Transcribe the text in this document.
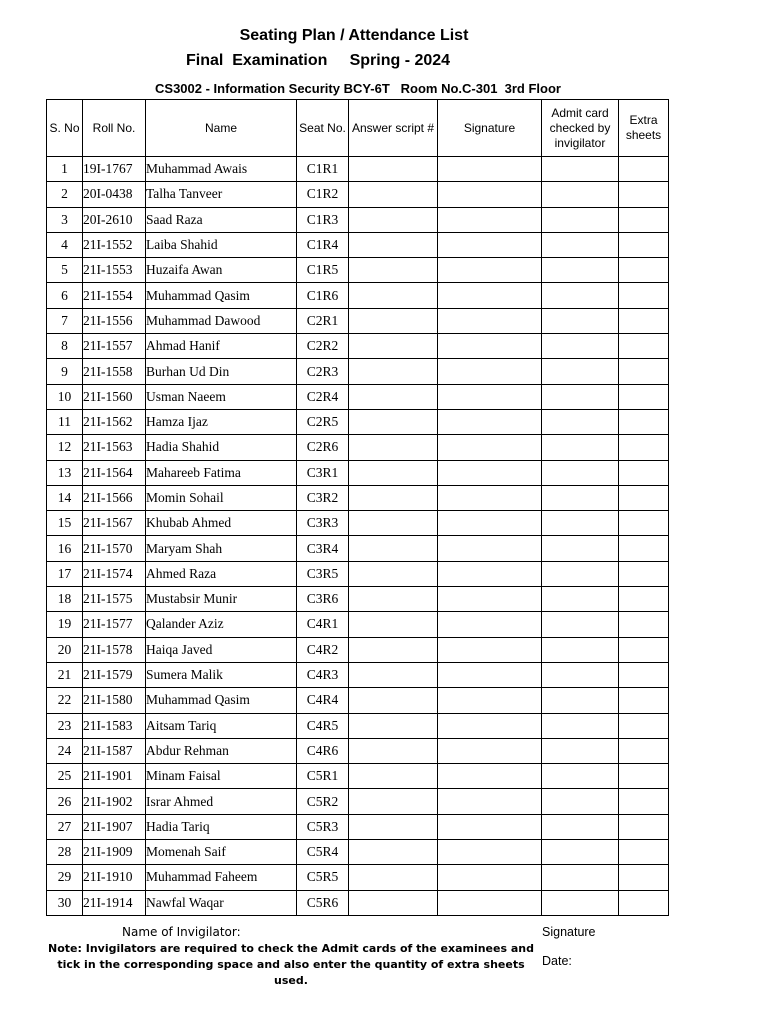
Seating Plan / Attendance List
Final  Examination     Spring - 2024
CS3002 - Information Security BCY-6T   Room No.C-301  3rd Floor
S. No	Roll No.	Name	Seat No.	Answer script #	Signature	Admit card checked by invigilator	Extra sheets
1	19I-1767	Muhammad Awais	C1R1				
2	20I-0438	Talha Tanveer	C1R2				
3	20I-2610	Saad Raza	C1R3				
4	21I-1552	Laiba Shahid	C1R4				
5	21I-1553	Huzaifa Awan	C1R5				
6	21I-1554	Muhammad Qasim	C1R6				
7	21I-1556	Muhammad Dawood	C2R1				
8	21I-1557	Ahmad Hanif	C2R2				
9	21I-1558	Burhan Ud Din	C2R3				
10	21I-1560	Usman Naeem	C2R4				
11	21I-1562	Hamza Ijaz	C2R5				
12	21I-1563	Hadia Shahid	C2R6				
13	21I-1564	Mahareeb Fatima	C3R1				
14	21I-1566	Momin Sohail	C3R2				
15	21I-1567	Khubab Ahmed	C3R3				
16	21I-1570	Maryam Shah	C3R4				
17	21I-1574	Ahmed Raza	C3R5				
18	21I-1575	Mustabsir Munir	C3R6				
19	21I-1577	Qalander Aziz	C4R1				
20	21I-1578	Haiqa Javed	C4R2				
21	21I-1579	Sumera Malik	C4R3				
22	21I-1580	Muhammad Qasim	C4R4				
23	21I-1583	Aitsam Tariq	C4R5				
24	21I-1587	Abdur Rehman	C4R6				
25	21I-1901	Minam Faisal	C5R1				
26	21I-1902	Israr Ahmed	C5R2				
27	21I-1907	Hadia Tariq	C5R3				
28	21I-1909	Momenah Saif	C5R4				
29	21I-1910	Muhammad Faheem	C5R5				
30	21I-1914	Nawfal Waqar	C5R6				
Name of Invigilator:	Signature
Date:
Note: Invigilators are required to check the Admit cards of the examinees and
tick in the corresponding space and also enter the quantity of extra sheets used.
